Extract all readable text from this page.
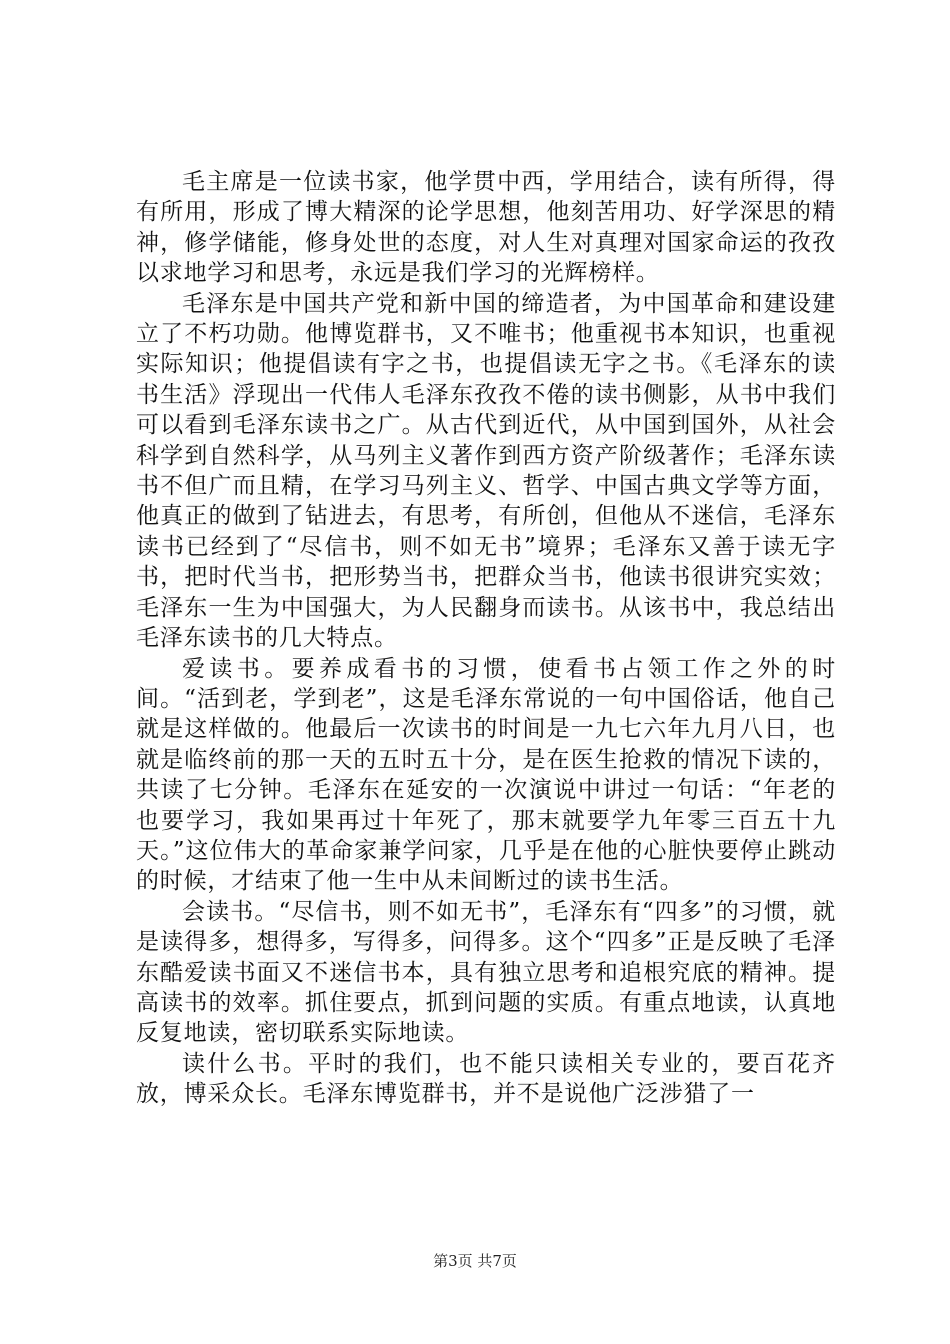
毛主席是一位读书家，他学贯中西，学用结合，读有所得，得有所用，形成了博大精深的论学思想，他刻苦用功、好学深思的精神，修学储能，修身处世的态度，对人生对真理对国家命运的孜孜以求地学习和思考，永远是我们学习的光辉榜样。

毛泽东是中国共产党和新中国的缔造者，为中国革命和建设建立了不朽功勋。他博览群书，又不唯书；他重视书本知识，也重视实际知识；他提倡读有字之书，也提倡读无字之书。《毛泽东的读书生活》浮现出一代伟人毛泽东孜孜不倦的读书侧影，从书中我们可以看到毛泽东读书之广。从古代到近代，从中国到国外，从社会科学到自然科学，从马列主义著作到西方资产阶级著作；毛泽东读书不但广而且精，在学习马列主义、哲学、中国古典文学等方面，他真正的做到了钻进去，有思考，有所创，但他从不迷信，毛泽东读书已经到了“尽信书，则不如无书”境界；毛泽东又善于读无字书，把时代当书，把形势当书，把群众当书，他读书很讲究实效；毛泽东一生为中国强大，为人民翻身而读书。从该书中，我总结出毛泽东读书的几大特点。

爱读书。要养成看书的习惯，使看书占领工作之外的时间。“活到老，学到老”，这是毛泽东常说的一句中国俗话，他自己就是这样做的。他最后一次读书的时间是一九七六年九月八日，也就是临终前的那一天的五时五十分，是在医生抢救的情况下读的，共读了七分钟。毛泽东在延安的一次演说中讲过一句话：“年老的也要学习，我如果再过十年死了，那末就要学九年零三百五十九天。”这位伟大的革命家兼学问家，几乎是在他的心脏快要停止跳动的时候，才结束了他一生中从未间断过的读书生活。

会读书。“尽信书，则不如无书”，毛泽东有“四多”的习惯，就是读得多，想得多，写得多，问得多。这个“四多”正是反映了毛泽东酷爱读书面又不迷信书本，具有独立思考和追根究底的精神。提高读书的效率。抓住要点，抓到问题的实质。有重点地读，认真地反复地读，密切联系实际地读。

读什么书。平时的我们，也不能只读相关专业的，要百花齐放，博采众长。毛泽东博览群书，并不是说他广泛涉猎了一

第3页 共7页
